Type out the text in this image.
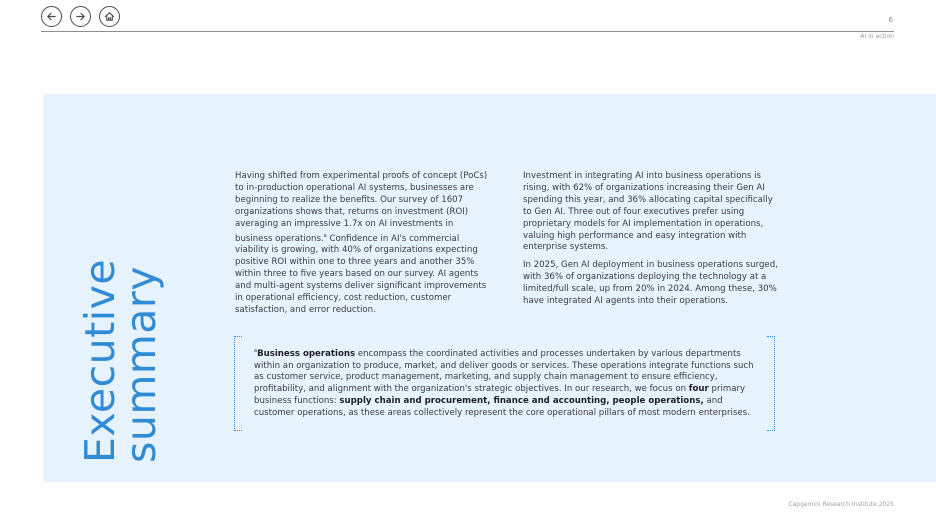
6
AI in action
Executive
summary

Having shifted from experimental proofs of concept (PoCs) to in-production operational AI systems, businesses are beginning to realize the benefits. Our survey of 1607 organizations shows that, returns on investment (ROI) averaging an impressive 1.7x on AI investments in business operations.$^a$ Confidence in AI's commercial viability is growing, with 40% of organizations expecting positive ROI within one to three years and another 35% within three to five years based on our survey. AI agents and multi-agent systems deliver significant improvements in operational efficiency, cost reduction, customer satisfaction, and error reduction.

Investment in integrating AI into business operations is rising, with 62% of organizations increasing their Gen AI spending this year, and 36% allocating capital specifically to Gen AI. Three out of four executives prefer using proprietary models for AI implementation in operations, valuing high performance and easy integration with enterprise systems.

In 2025, Gen AI deployment in business operations surged, with 36% of organizations deploying the technology at a limited/full scale, up from 20% in 2024. Among these, 30% have integrated AI agents into their operations.

$^a$Business operations encompass the coordinated activities and processes undertaken by various departments within an organization to produce, market, and deliver goods or services. These operations integrate functions such as customer service, product management, marketing, and supply chain management to ensure efficiency, profitability, and alignment with the organization's strategic objectives. In our research, we focus on four primary business functions: supply chain and procurement, finance and accounting, people operations, and customer operations, as these areas collectively represent the core operational pillars of most modern enterprises.
Capgemini Research Institute 2025
